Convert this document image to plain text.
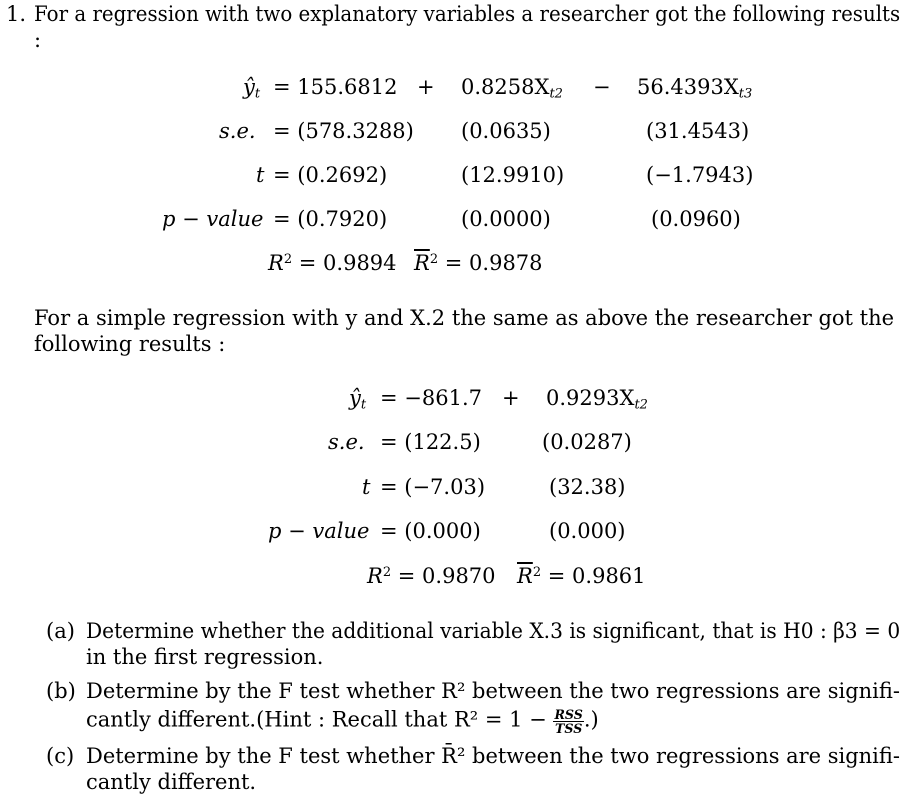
1. For a regression with two explanatory variables a researcher got the following results
:
$ŷ_t = 155.6812 + 0.8258X_{t2} - 56.4393X_{t3}$
s.e. = (578.3288) (0.0635)	(31.4543)
t = (0.2692)	(12.9910)	(−1.7943)
p − value = (0.7920)	(0.0000)	(0.0960)
$R^2 = 0.9894$ $\overline{R}^2 = 0.9878$
For a simple regression with y and X.2 the same as above the researcher got the
following results :
$ŷ_t = -861.7 + 0.9293X_{t2}$
s.e. = (122.5)	(0.0287)
t = (−7.03)	(32.38)
p − value = (0.000)	(0.000)
$R^2 = 0.9870$ $\overline{R}^2 = 0.9861$
(a) Determine whether the additional variable X.3 is significant, that is H0 : β3 = 0
in the first regression.
(b) Determine by the F test whether R² between the two regressions are signifi-
cantly different.(Hint : Recall that $R^2 = 1 - \frac{\text{RSS}}{\text{TSS}}$ .)
(c) Determine by the F test whether R̄² between the two regressions are signifi-
cantly different.
